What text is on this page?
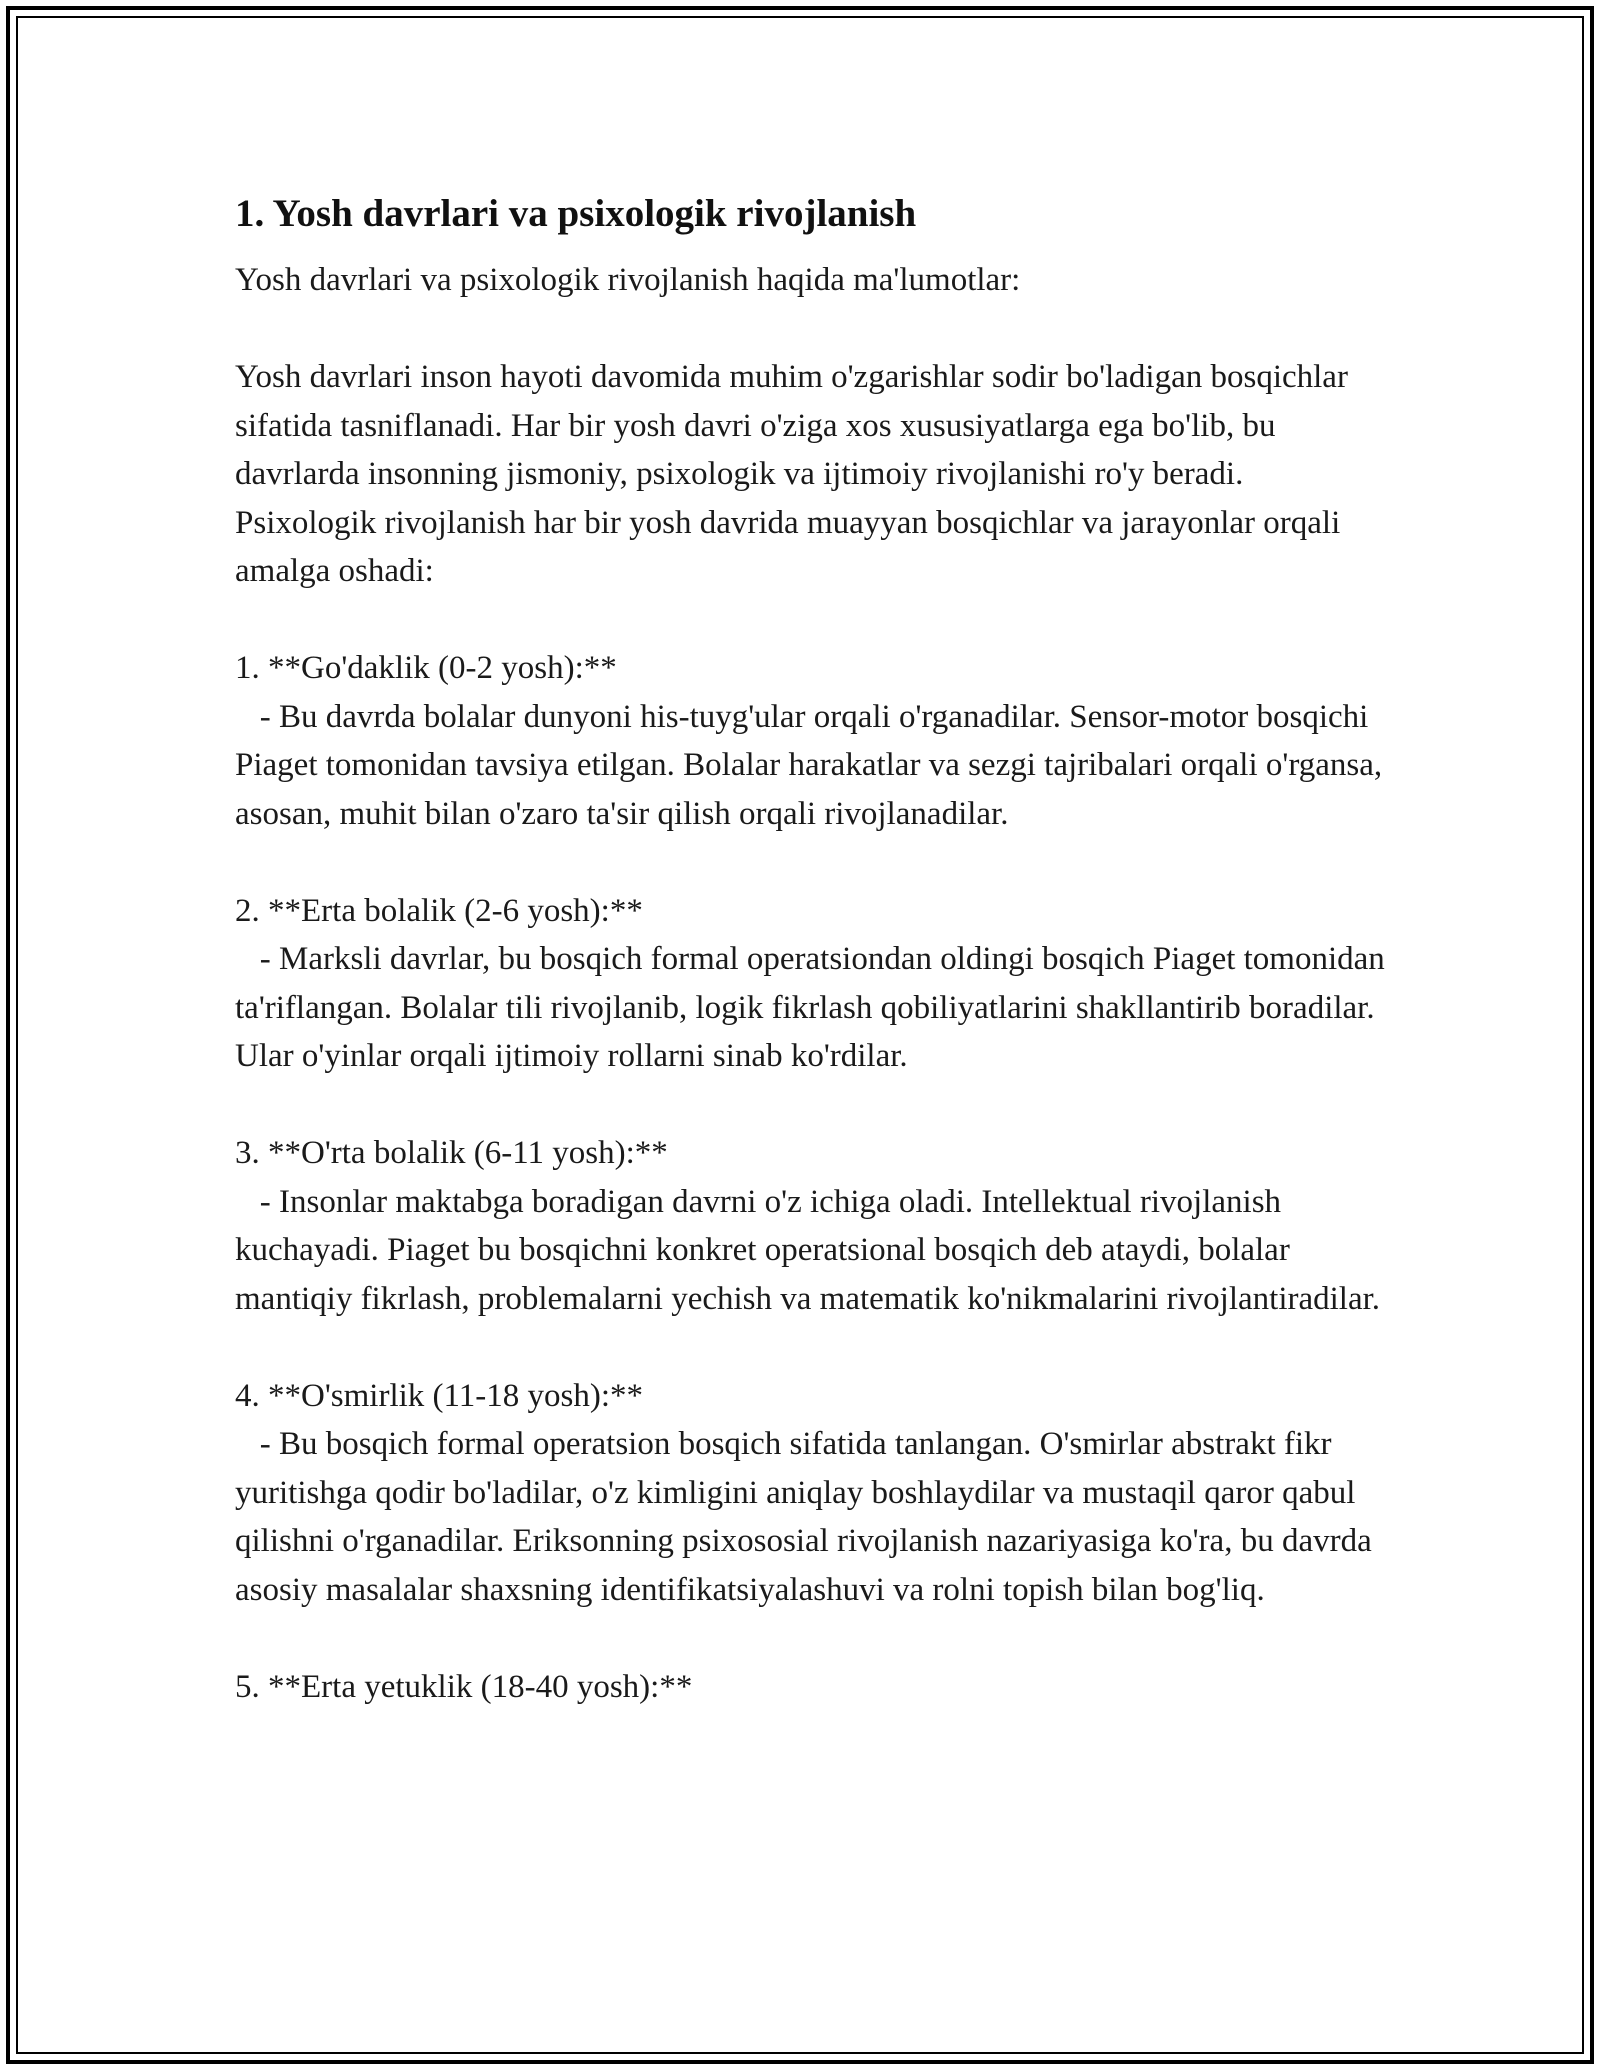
1. Yosh davrlari va psixologik rivojlanish

Yosh davrlari va psixologik rivojlanish haqida ma'lumotlar:

Yosh davrlari inson hayoti davomida muhim o'zgarishlar sodir bo'ladigan bosqichlar sifatida tasniflanadi. Har bir yosh davri o'ziga xos xususiyatlarga ega bo'lib, bu davrlarda insonning jismoniy, psixologik va ijtimoiy rivojlanishi ro'y beradi. Psixologik rivojlanish har bir yosh davrida muayyan bosqichlar va jarayonlar orqali amalga oshadi:

1. **Go'daklik (0-2 yosh):**
- Bu davrda bolalar dunyoni his-tuyg'ular orqali o'rganadilar. Sensor-motor bosqichi Piaget tomonidan tavsiya etilgan. Bolalar harakatlar va sezgi tajribalari orqali o'rgansa, asosan, muhit bilan o'zaro ta'sir qilish orqali rivojlanadilar.
2. **Erta bolalik (2-6 yosh):**
- Marksli davrlar, bu bosqich formal operatsiondan oldingi bosqich Piaget tomonidan ta'riflangan. Bolalar tili rivojlanib, logik fikrlash qobiliyatlarini shakllantirib boradilar. Ular o'yinlar orqali ijtimoiy rollarni sinab ko'rdilar.
3. **O'rta bolalik (6-11 yosh):**
- Insonlar maktabga boradigan davrni o'z ichiga oladi. Intellektual rivojlanish kuchayadi. Piaget bu bosqichni konkret operatsional bosqich deb ataydi, bolalar mantiqiy fikrlash, problemalarni yechish va matematik ko'nikmalarini rivojlantiradilar.
4. **O'smirlik (11-18 yosh):**
- Bu bosqich formal operatsion bosqich sifatida tanlangan. O'smirlar abstrakt fikr yuritishga qodir bo'ladilar, o'z kimligini aniqlay boshlaydilar va mustaqil qaror qabul qilishni o'rganadilar. Eriksonning psixososial rivojlanish nazariyasiga ko'ra, bu davrda asosiy masalalar shaxsning identifikatsiyalashuvi va rolni topish bilan bog'liq.
5. **Erta yetuklik (18-40 yosh):**
